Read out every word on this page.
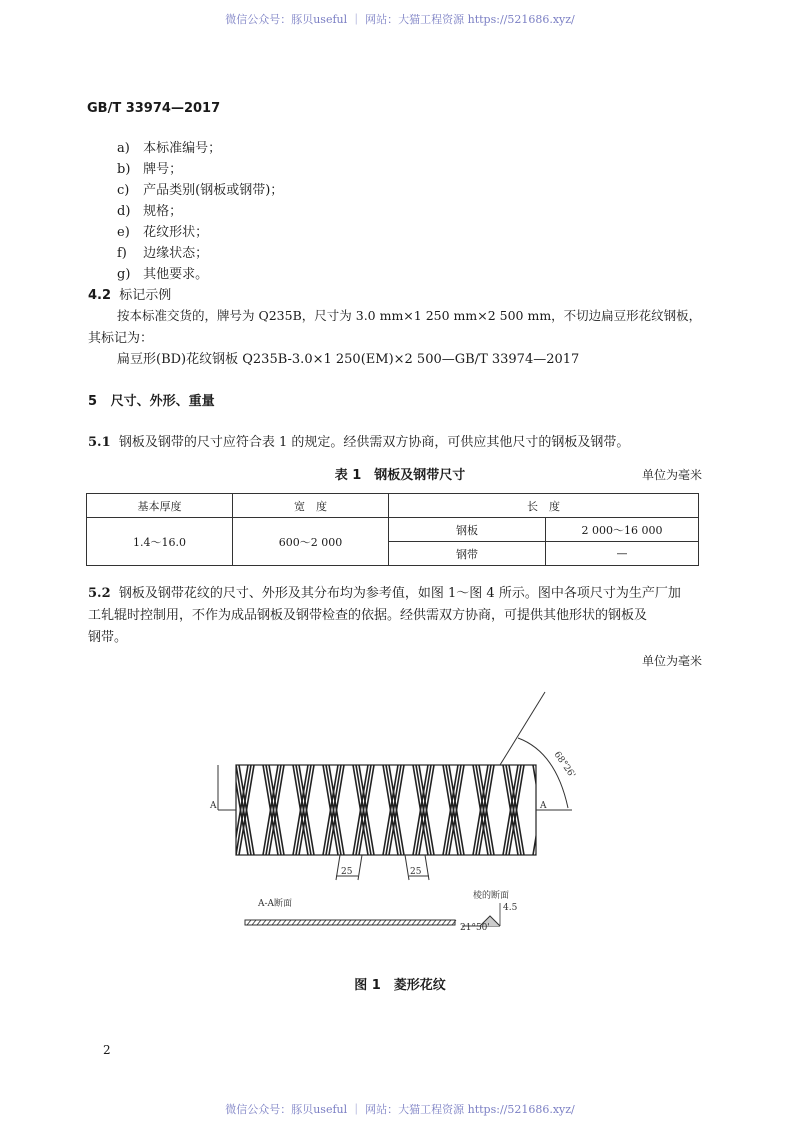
微信公众号：豚贝useful ｜ 网站：大猫工程资源 https://521686.xyz/
GB/T 33974—2017
a) 本标准编号；
b) 牌号；
c) 产品类别(钢板或钢带)；
d) 规格；
e) 花纹形状；
f) 边缘状态；
g) 其他要求。
4.2 标记示例
按本标准交货的，牌号为 Q235B，尺寸为 3.0 mm×1 250 mm×2 500 mm，不切边扁豆形花纹钢板，
其标记为：
扁豆形(BD)花纹钢板 Q235B-3.0×1 250(EM)×2 500—GB/T 33974—2017
5 尺寸、外形、重量
5.1 钢板及钢带的尺寸应符合表 1 的规定。经供需双方协商，可供应其他尺寸的钢板及钢带。
表 1　钢板及钢带尺寸	单位为毫米
基本厚度	宽　度	长　度	
1.4～16.0	600～2 000	钢板	2 000～16 000
		钢带	—
5.2 钢板及钢带花纹的尺寸、外形及其分布均为参考值，如图 1～图 4 所示。图中各项尺寸为生产厂加
工轧辊时控制用，不作为成品钢板及钢带检查的依据。经供需双方协商，可提供其他形状的钢板及
钢带。
单位为毫米
A	A
68°26'
25	25
A-A断面
棱的断面
4.5
21°50'
图 1　菱形花纹
2
微信公众号：豚贝useful ｜ 网站：大猫工程资源 https://521686.xyz/
